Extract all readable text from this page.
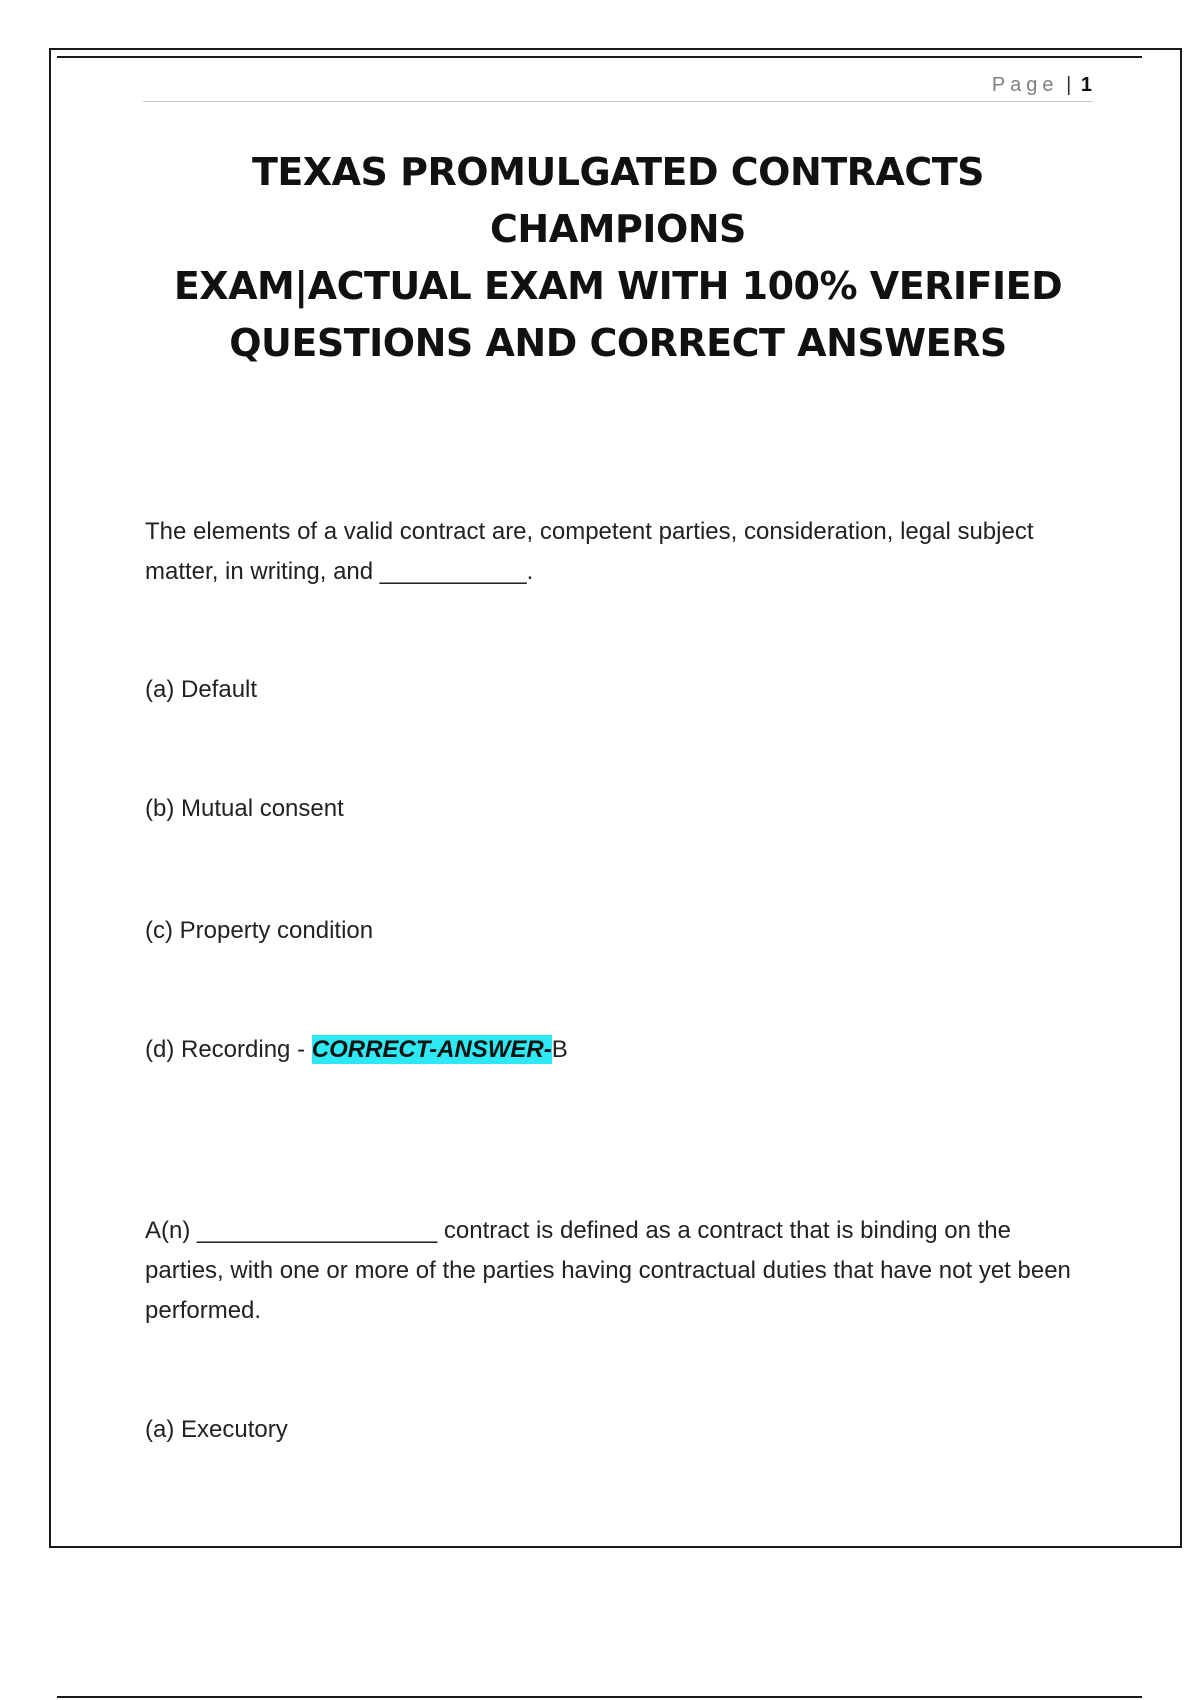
Page | 1
TEXAS PROMULGATED CONTRACTS CHAMPIONS
EXAM|ACTUAL EXAM WITH 100% VERIFIED
QUESTIONS AND CORRECT ANSWERS

The elements of a valid contract are, competent parties, consideration, legal subject matter, in writing, and ___________.

(a) Default

(b) Mutual consent

(c) Property condition

(d) Recording - CORRECT-ANSWER-B

A(n) __________________ contract is defined as a contract that is binding on the parties, with one or more of the parties having contractual duties that have not yet been performed.

(a) Executory
